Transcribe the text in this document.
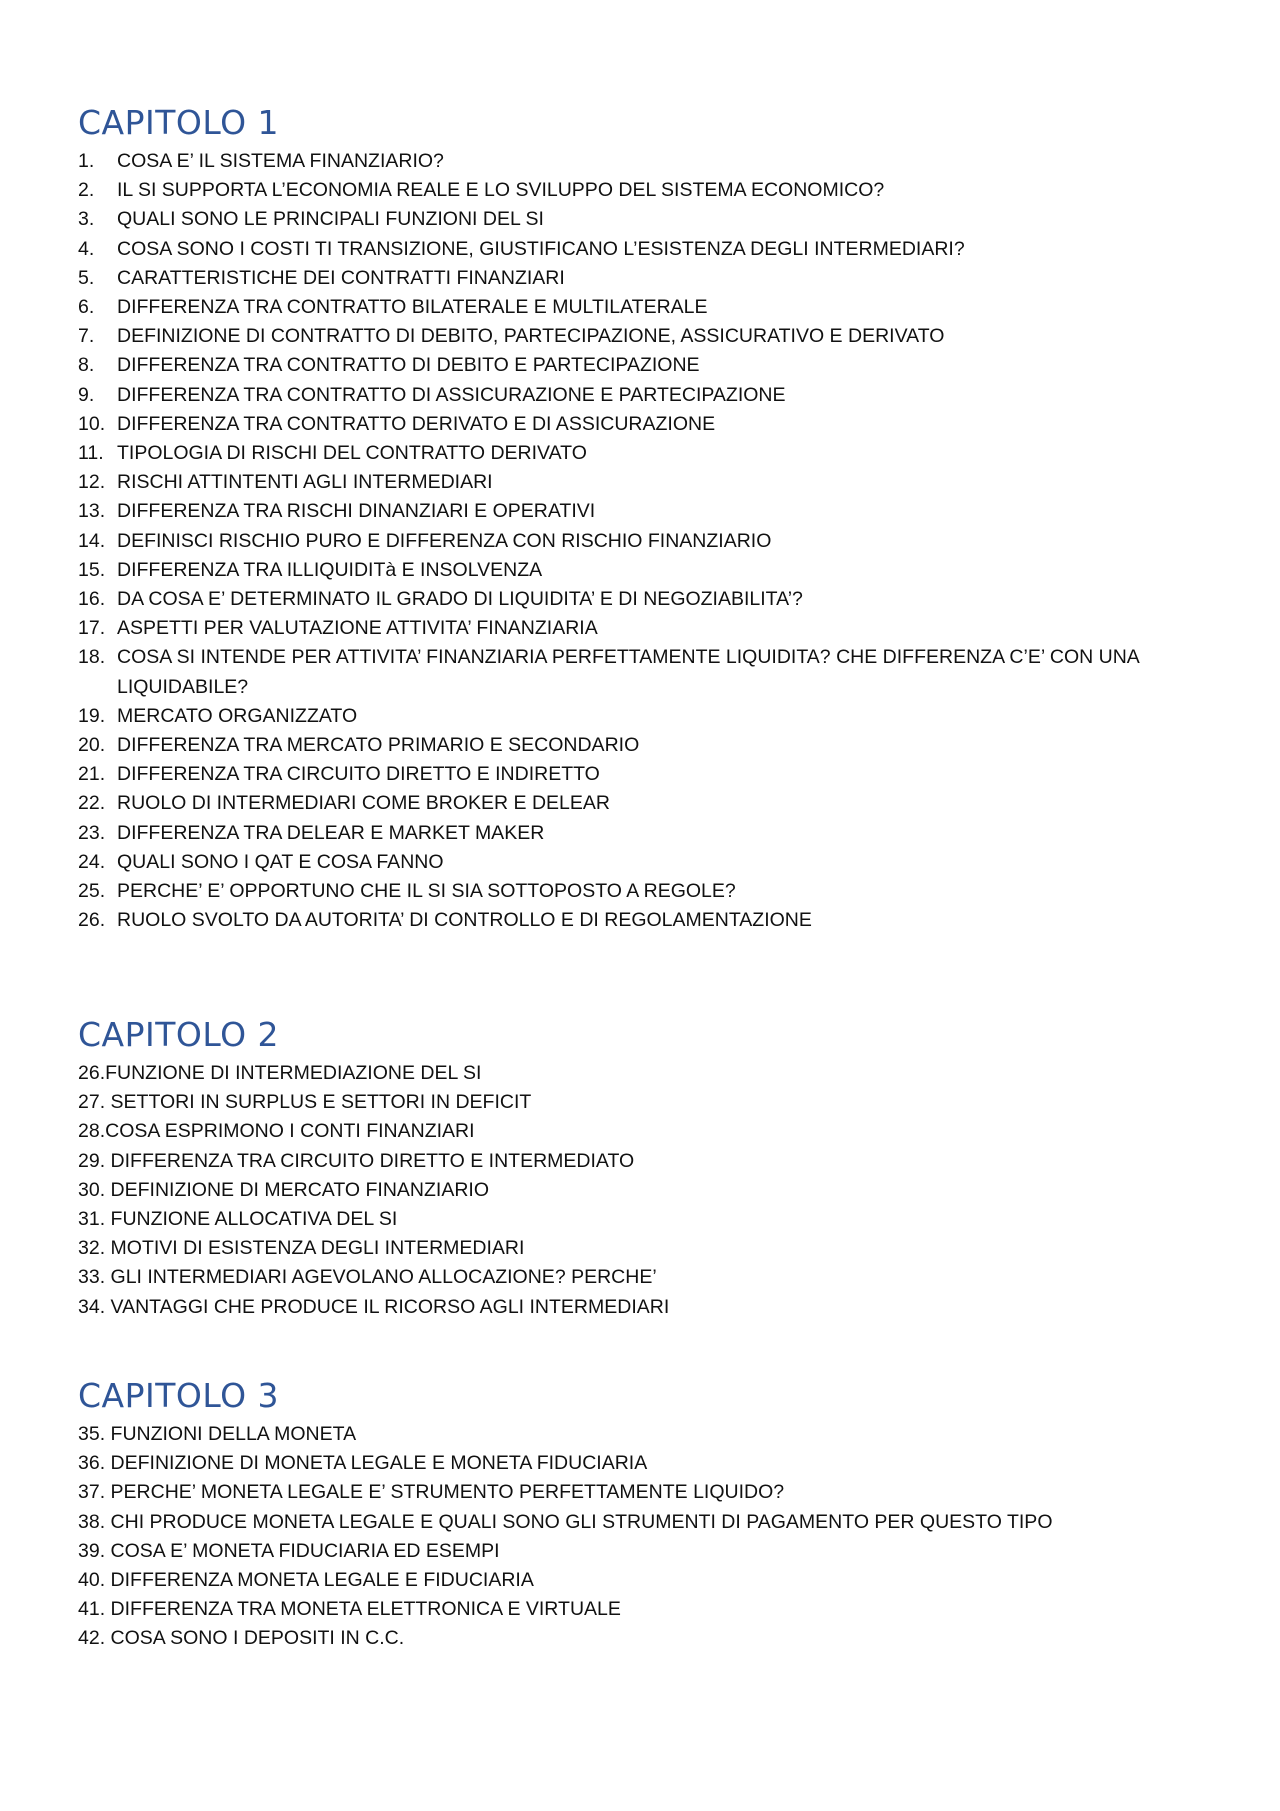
CAPITOLO 1
1.	COSA E’ IL SISTEMA FINANZIARIO?
2.	IL SI SUPPORTA L’ECONOMIA REALE E LO SVILUPPO DEL SISTEMA ECONOMICO?
3.	QUALI SONO LE PRINCIPALI FUNZIONI DEL SI
4.	COSA SONO I COSTI TI TRANSIZIONE, GIUSTIFICANO L’ESISTENZA DEGLI INTERMEDIARI?
5.	CARATTERISTICHE DEI CONTRATTI FINANZIARI
6.	DIFFERENZA TRA CONTRATTO BILATERALE E MULTILATERALE
7.	DEFINIZIONE DI CONTRATTO DI DEBITO, PARTECIPAZIONE, ASSICURATIVO E DERIVATO
8.	DIFFERENZA TRA CONTRATTO DI DEBITO E PARTECIPAZIONE
9.	DIFFERENZA TRA CONTRATTO DI ASSICURAZIONE E PARTECIPAZIONE
10. DIFFERENZA TRA CONTRATTO DERIVATO E DI ASSICURAZIONE
11. TIPOLOGIA DI RISCHI DEL CONTRATTO DERIVATO
12. RISCHI ATTINTENTI AGLI INTERMEDIARI
13. DIFFERENZA TRA RISCHI DINANZIARI E OPERATIVI
14. DEFINISCI RISCHIO PURO E DIFFERENZA CON RISCHIO FINANZIARIO
15. DIFFERENZA TRA ILLIQUIDITà E INSOLVENZA
16. DA COSA E’ DETERMINATO IL GRADO DI LIQUIDITA’ E DI NEGOZIABILITA’?
17. ASPETTI PER VALUTAZIONE ATTIVITA’ FINANZIARIA
18. COSA SI INTENDE PER ATTIVITA’ FINANZIARIA PERFETTAMENTE LIQUIDITA? CHE DIFFERENZA C’E’ CON UNA LIQUIDABILE?
19. MERCATO ORGANIZZATO
20. DIFFERENZA TRA MERCATO PRIMARIO E SECONDARIO
21. DIFFERENZA TRA CIRCUITO DIRETTO E INDIRETTO
22. RUOLO DI INTERMEDIARI COME BROKER E DELEAR
23. DIFFERENZA TRA DELEAR E MARKET MAKER
24. QUALI SONO I QAT E COSA FANNO
25. PERCHE’ E’ OPPORTUNO CHE IL SI SIA SOTTOPOSTO A REGOLE?
26. RUOLO SVOLTO DA AUTORITA’ DI CONTROLLO E DI REGOLAMENTAZIONE
CAPITOLO 2
26. FUNZIONE DI INTERMEDIAZIONE DEL SI
27. SETTORI IN SURPLUS E SETTORI IN DEFICIT
28. COSA ESPRIMONO I CONTI FINANZIARI
29. DIFFERENZA TRA CIRCUITO DIRETTO E INTERMEDIATO
30. DEFINIZIONE DI MERCATO FINANZIARIO
31. FUNZIONE ALLOCATIVA DEL SI
32. MOTIVI DI ESISTENZA DEGLI INTERMEDIARI
33. GLI INTERMEDIARI AGEVOLANO ALLOCAZIONE? PERCHE’
34. VANTAGGI CHE PRODUCE IL RICORSO AGLI INTERMEDIARI
CAPITOLO 3
35. FUNZIONI DELLA MONETA
36. DEFINIZIONE DI MONETA LEGALE E MONETA FIDUCIARIA
37. PERCHE’ MONETA LEGALE E’ STRUMENTO PERFETTAMENTE LIQUIDO?
38. CHI PRODUCE MONETA LEGALE E QUALI SONO GLI STRUMENTI DI PAGAMENTO PER QUESTO TIPO
39. COSA E’ MONETA FIDUCIARIA ED ESEMPI
40. DIFFERENZA MONETA LEGALE E FIDUCIARIA
41. DIFFERENZA TRA MONETA ELETTRONICA E VIRTUALE
42. COSA SONO I DEPOSITI IN C.C.
